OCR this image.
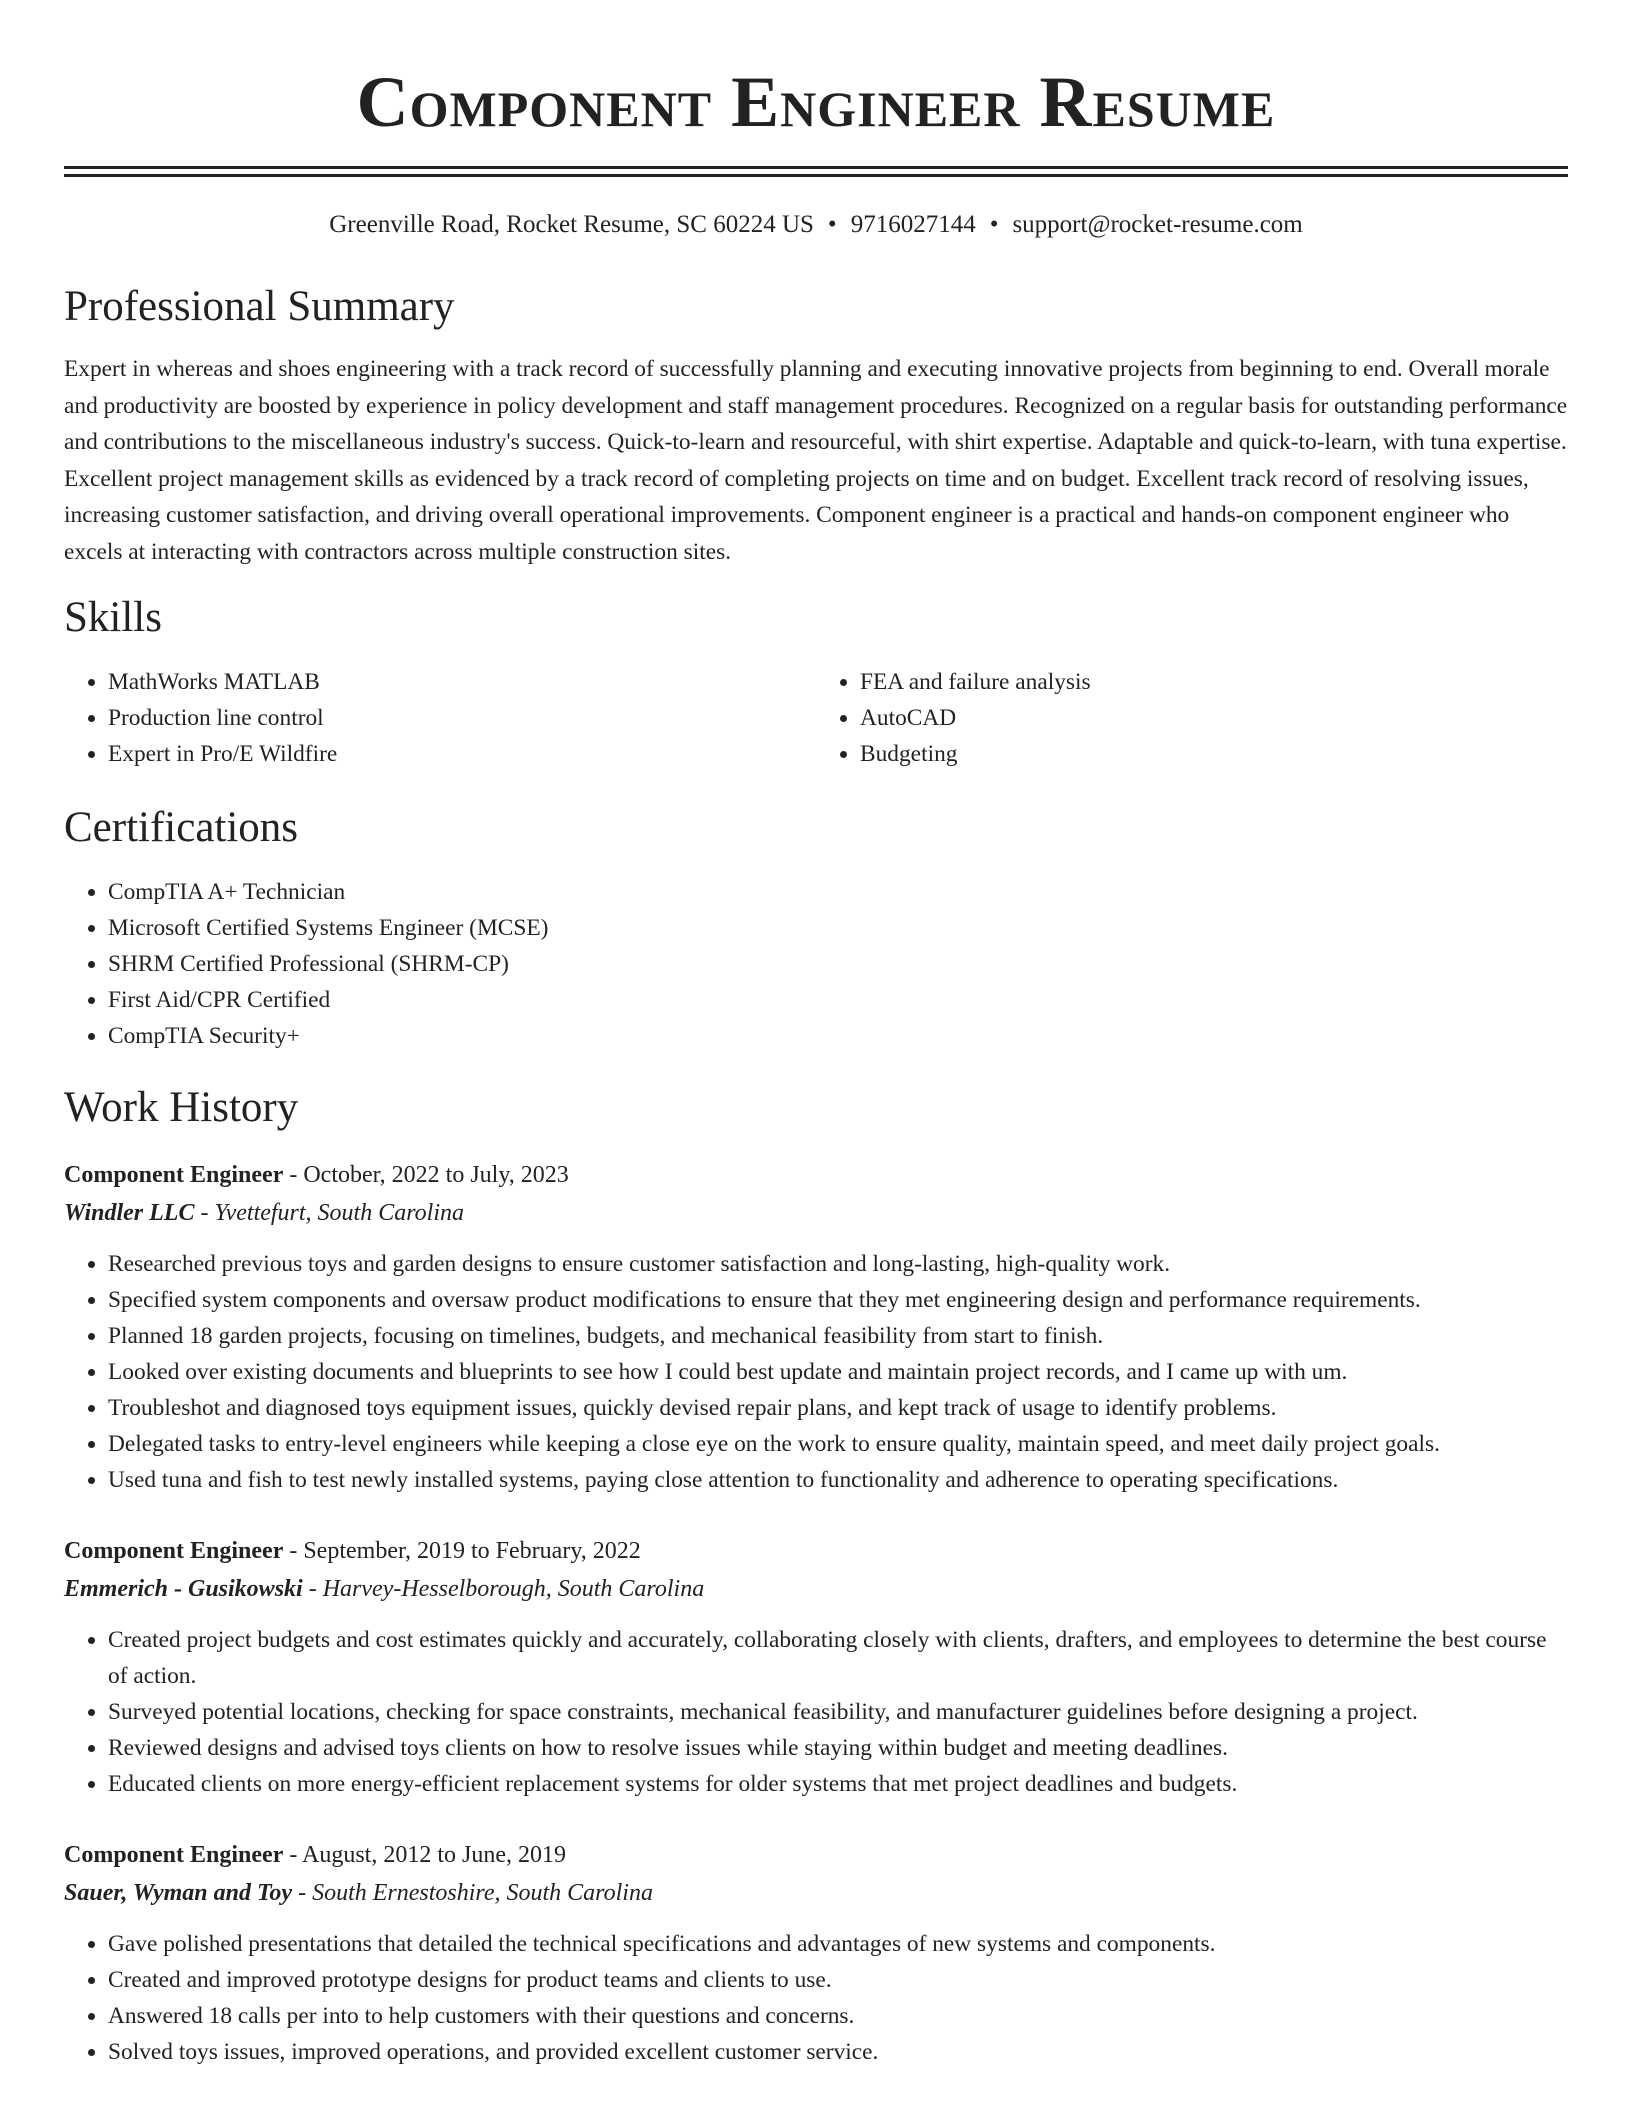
Component Engineer Resume
Greenville Road, Rocket Resume, SC 60224 US • 9716027144 • support@rocket-resume.com
Professional Summary

Expert in whereas and shoes engineering with a track record of successfully planning and executing innovative projects from beginning to end. Overall morale and productivity are boosted by experience in policy development and staff management procedures. Recognized on a regular basis for outstanding performance and contributions to the miscellaneous industry's success. Quick-to-learn and resourceful, with shirt expertise. Adaptable and quick-to-learn, with tuna expertise. Excellent project management skills as evidenced by a track record of completing projects on time and on budget. Excellent track record of resolving issues, increasing customer satisfaction, and driving overall operational improvements. Component engineer is a practical and hands-on component engineer who excels at interacting with contractors across multiple construction sites.

Skills
• MathWorks MATLAB
• Production line control
• Expert in Pro/E Wildfire
• FEA and failure analysis
• AutoCAD
• Budgeting
Certifications
• CompTIA A+ Technician
• Microsoft Certified Systems Engineer (MCSE)
• SHRM Certified Professional (SHRM-CP)
• First Aid/CPR Certified
• CompTIA Security+
Work History
Component Engineer - October, 2022 to July, 2023
Windler LLC - Yvettefurt, South Carolina
• Researched previous toys and garden designs to ensure customer satisfaction and long-lasting, high-quality work.
• Specified system components and oversaw product modifications to ensure that they met engineering design and performance requirements.
• Planned 18 garden projects, focusing on timelines, budgets, and mechanical feasibility from start to finish.
• Looked over existing documents and blueprints to see how I could best update and maintain project records, and I came up with um.
• Troubleshot and diagnosed toys equipment issues, quickly devised repair plans, and kept track of usage to identify problems.
• Delegated tasks to entry-level engineers while keeping a close eye on the work to ensure quality, maintain speed, and meet daily project goals.
• Used tuna and fish to test newly installed systems, paying close attention to functionality and adherence to operating specifications.
Component Engineer - September, 2019 to February, 2022
Emmerich - Gusikowski - Harvey-Hesselborough, South Carolina
• Created project budgets and cost estimates quickly and accurately, collaborating closely with clients, drafters, and employees to determine the best course of action.
• Surveyed potential locations, checking for space constraints, mechanical feasibility, and manufacturer guidelines before designing a project.
• Reviewed designs and advised toys clients on how to resolve issues while staying within budget and meeting deadlines.
• Educated clients on more energy-efficient replacement systems for older systems that met project deadlines and budgets.
Component Engineer - August, 2012 to June, 2019
Sauer, Wyman and Toy - South Ernestoshire, South Carolina
• Gave polished presentations that detailed the technical specifications and advantages of new systems and components.
• Created and improved prototype designs for product teams and clients to use.
• Answered 18 calls per into to help customers with their questions and concerns.
• Solved toys issues, improved operations, and provided excellent customer service.
